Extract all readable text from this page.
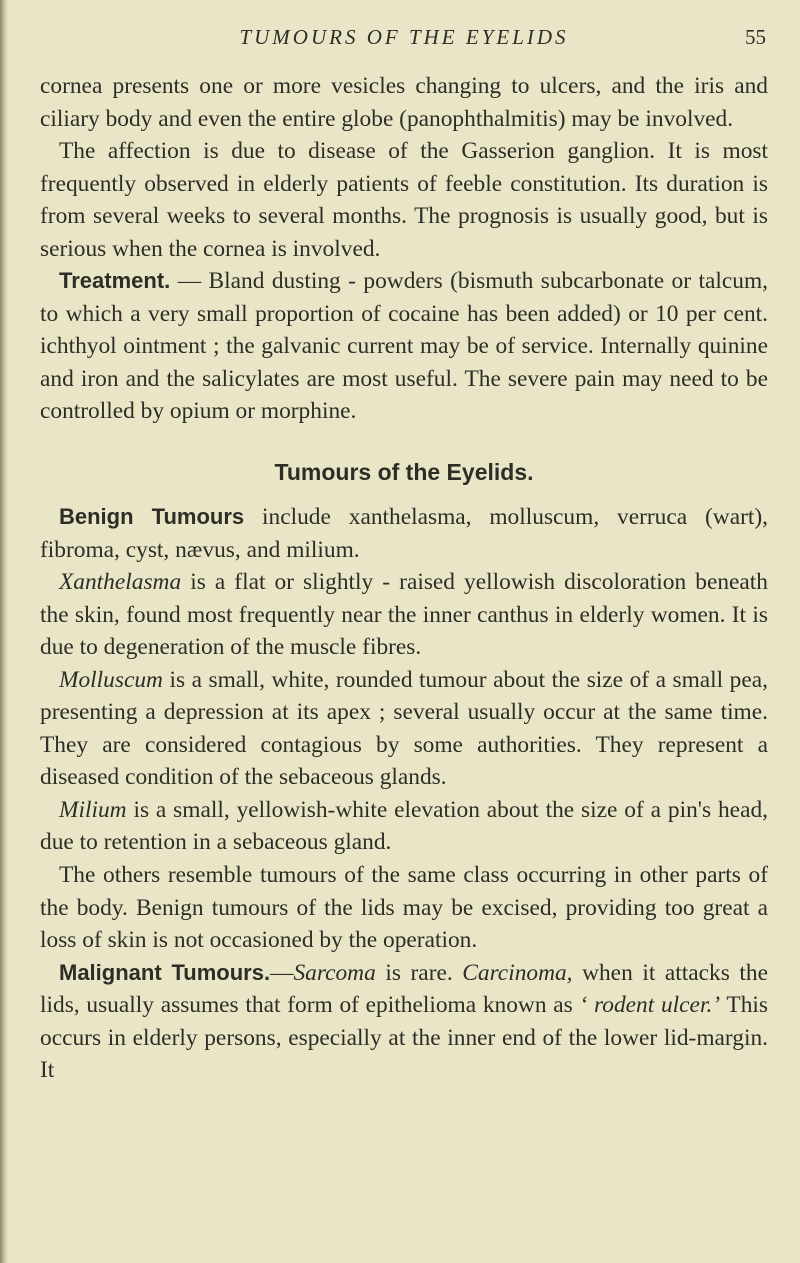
TUMOURS OF THE EYELIDS	55

cornea presents one or more vesicles changing to ulcers, and the iris and ciliary body and even the entire globe (panophthalmitis) may be involved.

The affection is due to disease of the Gasserion ganglion. It is most frequently observed in elderly patients of feeble constitution. Its duration is from several weeks to several months. The prognosis is usually good, but is serious when the cornea is involved.

Treatment. — Bland dusting - powders (bismuth subcarbonate or talcum, to which a very small proportion of cocaine has been added) or 10 per cent. ichthyol ointment ; the galvanic current may be of service. Internally quinine and iron and the salicylates are most useful. The severe pain may need to be controlled by opium or morphine.

Tumours of the Eyelids.

Benign Tumours include xanthelasma, molluscum, verruca (wart), fibroma, cyst, nævus, and milium.

Xanthelasma is a flat or slightly - raised yellowish discoloration beneath the skin, found most frequently near the inner canthus in elderly women. It is due to degeneration of the muscle fibres.

Molluscum is a small, white, rounded tumour about the size of a small pea, presenting a depression at its apex ; several usually occur at the same time. They are considered contagious by some authorities. They represent a diseased condition of the sebaceous glands.

Milium is a small, yellowish-white elevation about the size of a pin's head, due to retention in a sebaceous gland.

The others resemble tumours of the same class occurring in other parts of the body. Benign tumours of the lids may be excised, providing too great a loss of skin is not occasioned by the operation.

Malignant Tumours.—Sarcoma is rare. Carcinoma, when it attacks the lids, usually assumes that form of epithelioma known as ‘ rodent ulcer.’ This occurs in elderly persons, especially at the inner end of the lower lid-margin. It
